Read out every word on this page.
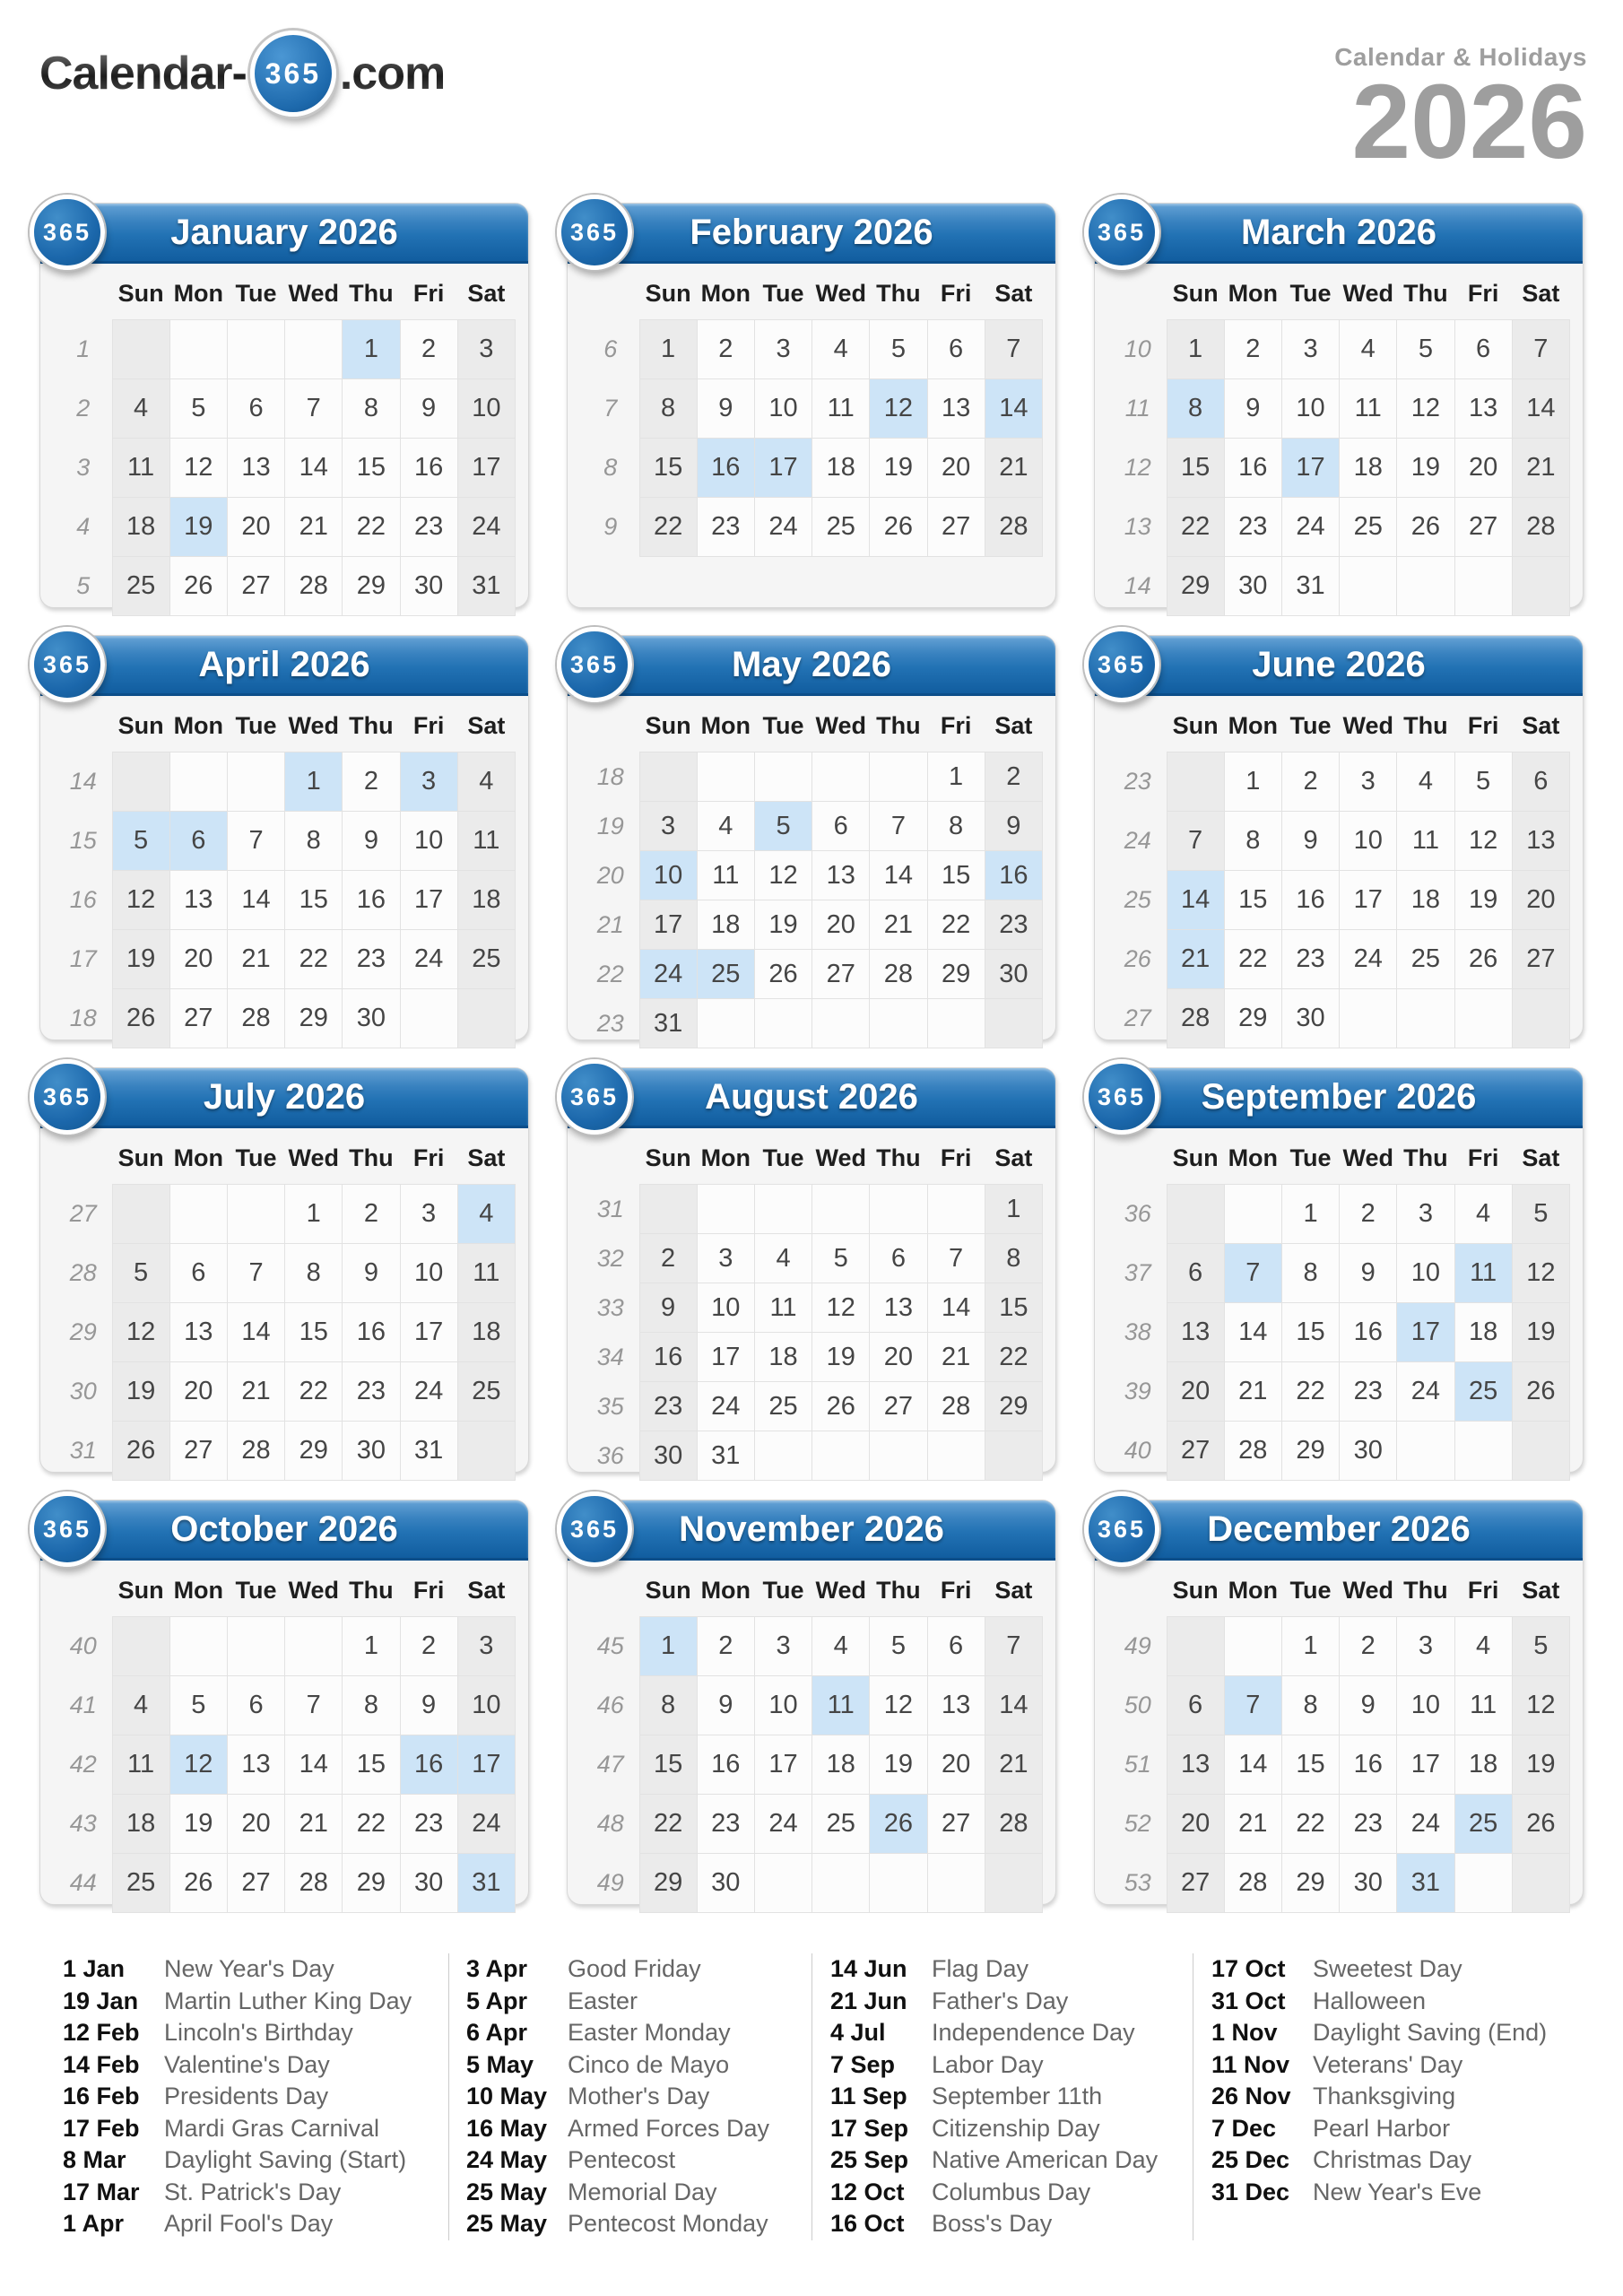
Calendar- 365 .com	Calendar & Holidays
2026
365	January 2026
	365 Sun	Mon	Tue	Wed	Thu	Fri	Sat
1					1	2	3
2	4	5	6	7	8	9	10
3	11	12	13	14	15	16	17
4	18	19	20	21	22	23	24
5	25	26	27	28	29	30	31
365	February 2026
	365 Sun	Mon	Tue	Wed	Thu	Fri	Sat
6	1	2	3	4	5	6	7
7	8	9	10	11	12	13	14
8	15	16	17	18	19	20	21
9	22	23	24	25	26	27	28
365	March 2026
	365 Sun	Mon	Tue	Wed	Thu	Fri	Sat
10	1	2	3	4	5	6	7
11	8	9	10	11	12	13	14
12	15	16	17	18	19	20	21
13	22	23	24	25	26	27	28
14	29	30	31				
365	April 2026
	365 Sun	Mon	Tue	Wed	Thu	Fri	Sat
14				1	2	3	4
15	5	6	7	8	9	10	11
16	12	13	14	15	16	17	18
17	19	20	21	22	23	24	25
18	26	27	28	29	30		
365	May 2026
	365 Sun	Mon	Tue	Wed	Thu	Fri	Sat
18						1	2
19	3	4	5	6	7	8	9
20	10	11	12	13	14	15	16
21	17	18	19	20	21	22	23
22	24	25	26	27	28	29	30
23	31						
365	June 2026
	365 Sun	Mon	Tue	Wed	Thu	Fri	Sat
23		1	2	3	4	5	6
24	7	8	9	10	11	12	13
25	14	15	16	17	18	19	20
26	21	22	23	24	25	26	27
27	28	29	30				
365	July 2026
	365 Sun	Mon	Tue	Wed	Thu	Fri	Sat
27				1	2	3	4
28	5	6	7	8	9	10	11
29	12	13	14	15	16	17	18
30	19	20	21	22	23	24	25
31	26	27	28	29	30	31	
365	August 2026
	365 Sun	Mon	Tue	Wed	Thu	Fri	Sat
31							1
32	2	3	4	5	6	7	8
33	9	10	11	12	13	14	15
34	16	17	18	19	20	21	22
35	23	24	25	26	27	28	29
36	30	31					
365	September 2026
	365 Sun	Mon	Tue	Wed	Thu	Fri	Sat
36			1	2	3	4	5
37	6	7	8	9	10	11	12
38	13	14	15	16	17	18	19
39	20	21	22	23	24	25	26
40	27	28	29	30			
365	October 2026
	365 Sun	Mon	Tue	Wed	Thu	Fri	Sat
40					1	2	3
41	4	5	6	7	8	9	10
42	11	12	13	14	15	16	17
43	18	19	20	21	22	23	24
44	25	26	27	28	29	30	31
365	November 2026
	365 Sun	Mon	Tue	Wed	Thu	Fri	Sat
45	1	2	3	4	5	6	7
46	8	9	10	11	12	13	14
47	15	16	17	18	19	20	21
48	22	23	24	25	26	27	28
49	29	30					
365	December 2026
	365 Sun	Mon	Tue	Wed	Thu	Fri	Sat
49			1	2	3	4	5
50	6	7	8	9	10	11	12
51	13	14	15	16	17	18	19
52	20	21	22	23	24	25	26
53	27	28	29	30	31		
1 Jan	New Year's Day
19 Jan	Martin Luther King Day
12 Feb	Lincoln's Birthday
14 Feb	Valentine's Day
16 Feb	Presidents Day
17 Feb	Mardi Gras Carnival
8 Mar	Daylight Saving (Start)
17 Mar	St. Patrick's Day
1 Apr	April Fool's Day
3 Apr	Good Friday
5 Apr	Easter
6 Apr	Easter Monday
5 May	Cinco de Mayo
10 May Mother's Day
16 May Armed Forces Day
24 May Pentecost
25 May Memorial Day
25 May Pentecost Monday
14 Jun	Flag Day
21 Jun	Father's Day
4 Jul	Independence Day
7 Sep	Labor Day
11 Sep	September 11th
17 Sep Citizenship Day
25 Sep Native American Day
12 Oct	Columbus Day
16 Oct	Boss's Day
17 Oct	Sweetest Day
31 Oct	Halloween
1 Nov	Daylight Saving (End)
11 Nov Veterans' Day
26 Nov Thanksgiving
7 Dec	Pearl Harbor
25 Dec Christmas Day
31 Dec New Year's Eve
